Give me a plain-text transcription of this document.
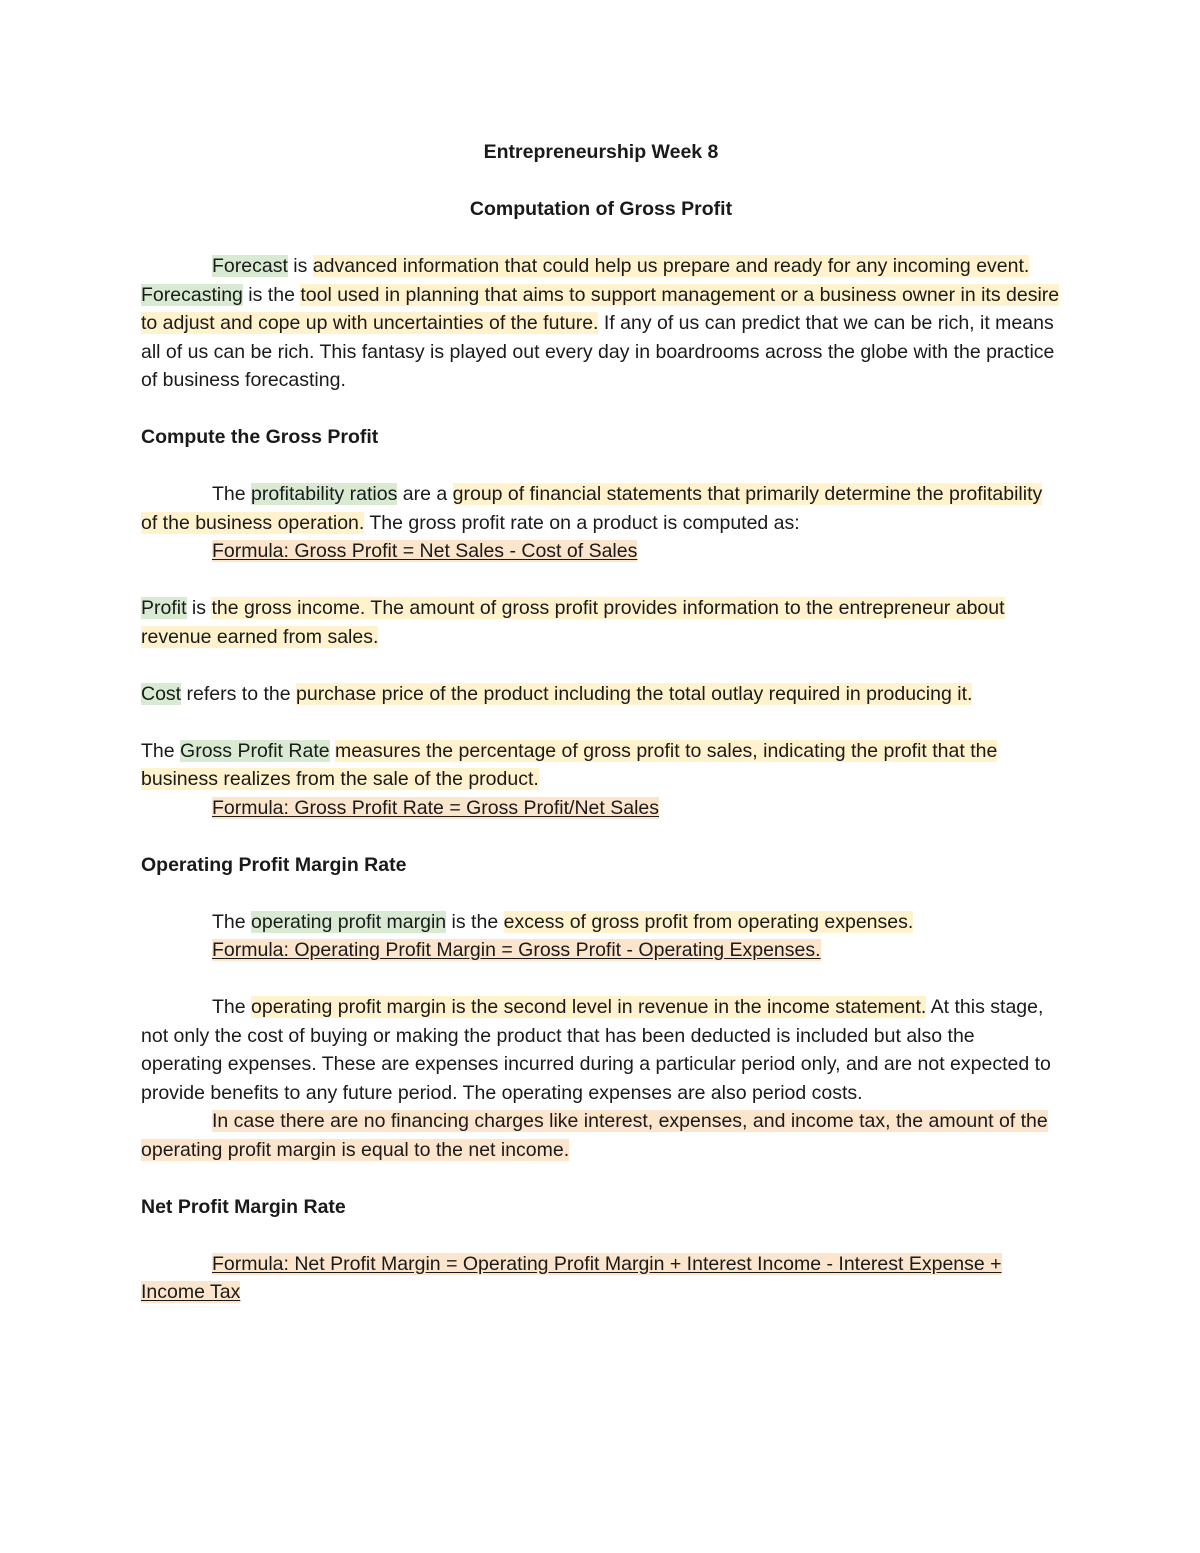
Entrepreneurship Week 8

Computation of Gross Profit

Forecast is advanced information that could help us prepare and ready for any incoming event. Forecasting is the tool used in planning that aims to support management or a business owner in its desire to adjust and cope up with uncertainties of the future. If any of us can predict that we can be rich, it means all of us can be rich. This fantasy is played out every day in boardrooms across the globe with the practice of business forecasting.

Compute the Gross Profit

The profitability ratios are a group of financial statements that primarily determine the profitability of the business operation. The gross profit rate on a product is computed as:

Formula: Gross Profit = Net Sales - Cost of Sales

Profit is the gross income. The amount of gross profit provides information to the entrepreneur about revenue earned from sales.

Cost refers to the purchase price of the product including the total outlay required in producing it.

The Gross Profit Rate measures the percentage of gross profit to sales, indicating the profit that the business realizes from the sale of the product.

Formula: Gross Profit Rate = Gross Profit/Net Sales

Operating Profit Margin Rate

The operating profit margin is the excess of gross profit from operating expenses.

Formula: Operating Profit Margin = Gross Profit - Operating Expenses.

The operating profit margin is the second level in revenue in the income statement. At this stage, not only the cost of buying or making the product that has been deducted is included but also the operating expenses. These are expenses incurred during a particular period only, and are not expected to provide benefits to any future period. The operating expenses are also period costs.

In case there are no financing charges like interest, expenses, and income tax, the amount of the operating profit margin is equal to the net income.

Net Profit Margin Rate

Formula: Net Profit Margin = Operating Profit Margin + Interest Income - Interest Expense + Income Tax
